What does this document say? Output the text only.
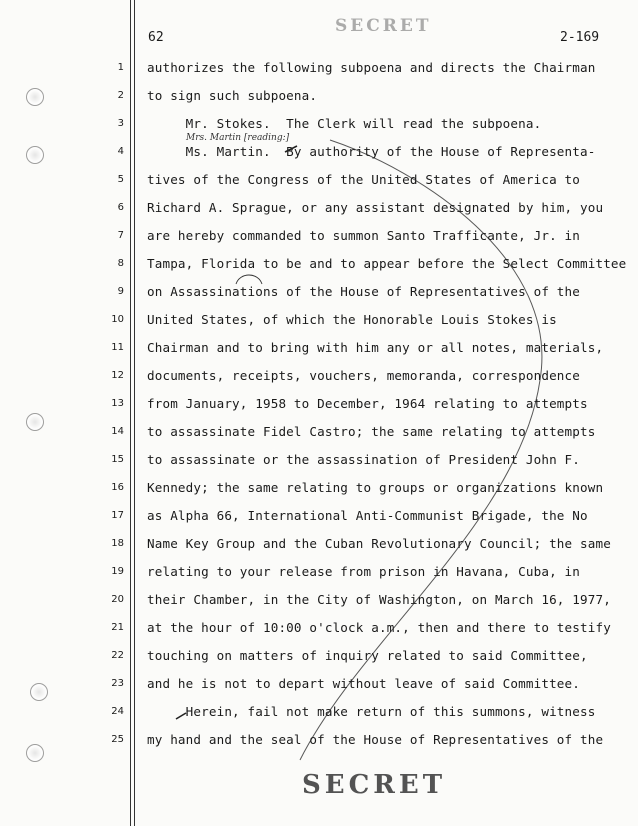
SECRET
62	2-169
Mrs. Martin [reading:]
1 authorizes the following subpoena and directs the Chairman
2 to sign such subpoena.
3 Mr. Stokes.  The Clerk will read the subpoena.
4 Ms. Martin.  By authority of the House of Representa-
5 tives of the Congress of the United States of America to
6 Richard A. Sprague, or any assistant designated by him, you
7 are hereby commanded to summon Santo Trafficante, Jr. in
8 Tampa, Florida to be and to appear before the Select Committee
9 on Assassinations of the House of Representatives of the
10 United States, of which the Honorable Louis Stokes is
11 Chairman and to bring with him any or all notes, materials,
12 documents, receipts, vouchers, memoranda, correspondence
13 from January, 1958 to December, 1964 relating to attempts
14 to assassinate Fidel Castro; the same relating to attempts
15 to assassinate or the assassination of President John F.
16 Kennedy; the same relating to groups or organizations known
17 as Alpha 66, International Anti-Communist Brigade, the No
18 Name Key Group and the Cuban Revolutionary Council; the same
19 relating to your release from prison in Havana, Cuba, in
20 their Chamber, in the City of Washington, on March 16, 1977,
21 at the hour of 10:00 o'clock a.m., then and there to testify
22 touching on matters of inquiry related to said Committee,
23 and he is not to depart without leave of said Committee.
24 Herein, fail not make return of this summons, witness
25 my hand and the seal of the House of Representatives of the
SECRET
